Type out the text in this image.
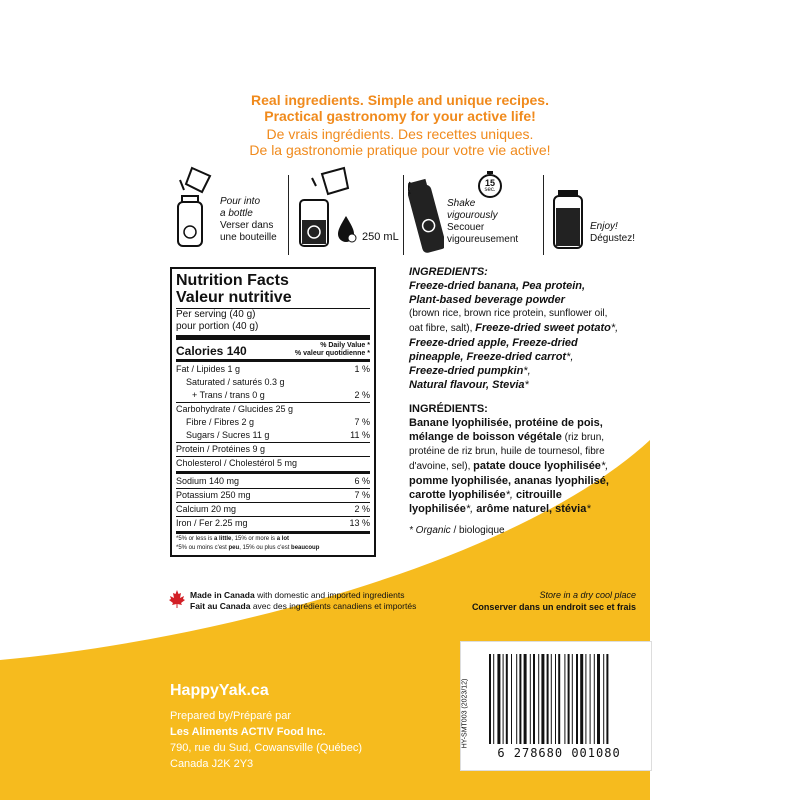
Real ingredients. Simple and unique recipes.
Practical gastronomy for your active life!
De vrais ingrédients. Des recettes uniques.
De la gastronomie pratique pour votre vie active!
Pour into
a bottle
Verser dans
une bouteille	250 mL
15
sec.
Shake
vigourously
Secouer
vigoureusement
Enjoy!
Dégustez!
Nutrition Facts
Valeur nutritive
Per serving (40 g)
pour portion (40 g)
Calories 140	% Daily Value *
% valeur quotidienne *
Fat / Lipides 1 g	1 %
Saturated / saturés 0.3 g
+ Trans / trans 0 g	2 %
Carbohydrate / Glucides 25 g
Fibre / Fibres 2 g	7 %
Sugars / Sucres 11 g	11 %
Protein / Protéines 9 g
Cholesterol / Cholestérol 5 mg
Sodium 140 mg	6 %
Potassium 250 mg	7 %
Calcium 20 mg	2 %
Iron / Fer 2.25 mg	13 %
*5% or less is a little, 15% or more is a lot
*5% ou moins c'est peu, 15% ou plus c'est beaucoup
INGREDIENTS:
Freeze-dried banana, Pea protein,
Plant-based beverage powder
(brown rice, brown rice protein, sunflower oil,
oat fibre, salt), Freeze-dried sweet potato*,
Freeze-dried apple, Freeze-dried
pineapple, Freeze-dried carrot*,
Freeze-dried pumpkin*,
Natural flavour, Stevia*
INGRÉDIENTS:
Banane lyophilisée, protéine de pois,
mélange de boisson végétale (riz brun,
protéine de riz brun, huile de tournesol, fibre
d'avoine, sel), patate douce lyophilisée*,
pomme lyophilisée, ananas lyophilisé,
carotte lyophilisée*, citrouille
lyophilisée*, arôme naturel, stévia*
* Organic / biologique
Made in Canada with domestic and imported ingredients
Fait au Canada avec des ingrédients canadiens et importés
Store in a dry cool place
Conserver dans un endroit sec et frais
HappyYak.ca
Prepared by/Préparé par
Les Aliments ACTIV Food Inc.
790, rue du Sud, Cowansville (Québec)
Canada J2K 2Y3
6 278680 001080
HY-SMT003 (2023/12)
